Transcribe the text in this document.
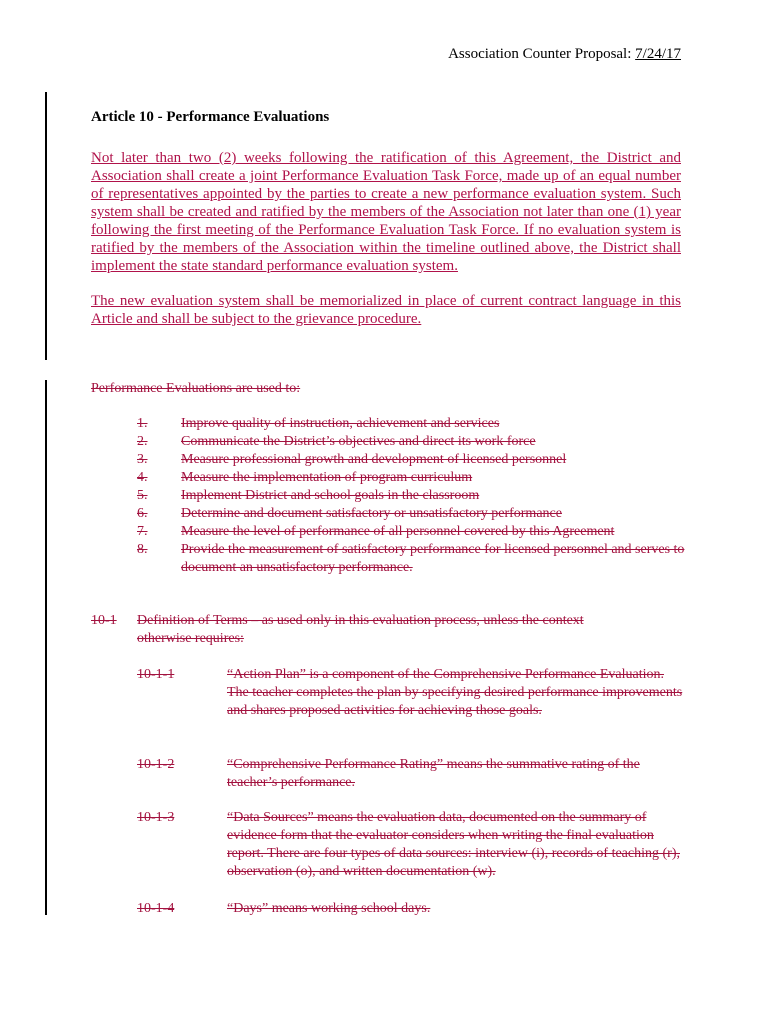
Association Counter Proposal: 7/24/17
Article 10 - Performance Evaluations

Not later than two (2) weeks following the ratification of this Agreement, the District and Association shall create a joint Performance Evaluation Task Force, made up of an equal number of representatives appointed by the parties to create a new performance evaluation system. Such system shall be created and ratified by the members of the Association not later than one (1) year following the first meeting of the Performance Evaluation Task Force. If no evaluation system is ratified by the members of the Association within the timeline outlined above, the District shall implement the state standard performance evaluation system.

The new evaluation system shall be memorialized in place of current contract language in this Article and shall be subject to the grievance procedure.

Performance Evaluations are used to:
1.	Improve quality of instruction, achievement and services
2.	Communicate the District’s objectives and direct its work force
3.	Measure professional growth and development of licensed personnel
4.	Measure the implementation of program curriculum
5.	Implement District and school goals in the classroom
6.	Determine and document satisfactory or unsatisfactory performance
7.	Measure the level of performance of all personnel covered by this Agreement
8.	Provide the measurement of satisfactory performance for licensed personnel and serves to document an unsatisfactory performance.
10-1	Definition of Terms – as used only in this evaluation process, unless the context otherwise requires:
10-1-1	“Action Plan” is a component of the Comprehensive Performance Evaluation. The teacher completes the plan by specifying desired performance improvements and shares proposed activities for achieving those goals.
10-1-2	“Comprehensive Performance Rating” means the summative rating of the teacher’s performance.
10-1-3	“Data Sources” means the evaluation data, documented on the summary of evidence form that the evaluator considers when writing the final evaluation report. There are four types of data sources: interview (i), records of teaching (r), observation (o), and written documentation (w).
10-1-4	“Days” means working school days.
